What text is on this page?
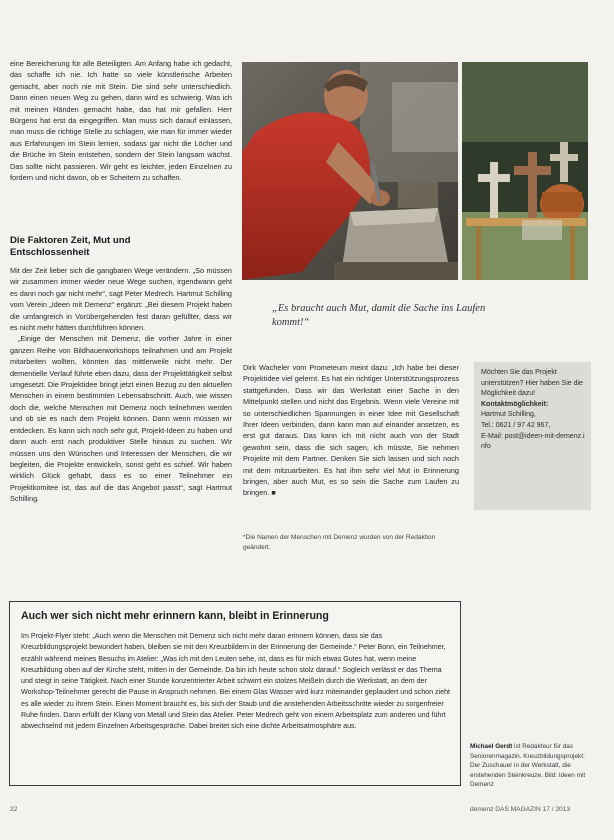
eine Bereicherung für alle Beteiligten. Am Anfang habe ich gedacht, das schaffe ich nie. Ich hatte so viele künstlerische Arbeiten gemacht, aber noch nie mit Stein. Die sind sehr unterschiedlich. Dann einen neuen Weg zu gehen, dann wird es schwierig. Was ich mit meinen Händen gemacht habe, das hat mir gefallen. Herr Bürgens hat erst da eingegriffen. Man muss sich darauf einlassen, man muss die richtige Stelle zu schlagen, wie man für immer wieder aus Erfahrungen im Stein lernen, sodass gar nicht die Löcher und die Brüche im Stein entstehen, sondern der Stein langsam wächst. Das sollte nicht passieren. Wir geht es leichter, jeden Einzelnen zu fordern und nicht davon, ob er Scheitern zu schaffen.

Die Faktoren Zeit, Mut und Entschlossenheit

Mit der Zeit lieber sich die gangbaren Wege verändern. „So müssen wir zusammen immer wieder neue Wege suchen, irgendwann geht es dann noch gar nicht mehr“, sagt Peter Medrech. Hartmut Schilling vom Verein „Ideen mit Demenz“ ergänzt: „Bei diesem Projekt haben die umfangreich in Vorübergehenden fest daran gefüllter, dass wir es nicht mehr hätten durchführen können.

„Einige der Menschen mit Demenz, die vorher Jahre in einer ganzen Reihe von Bildhauerworkshops teilnahmen und am Projekt mitarbeiten wollten, könnten das mittlerweile nicht mehr. Der dementielle Verlauf führte eben dazu, dass der Projekttätigkeit selbst umgesetzt. Die Projektidee bringt jetzt einen Bezug zu den aktuellen Menschen in einem bestimmten Lebensabschnitt. Auch, wie wissen doch die, welche Menschen mit Demenz noch teilnehmen werden und ob sie es nach dem Projekt können. Dann wenn müssen wir entdecken. Es kann sich noch sehr gut, Projekt-Ideen zu haben und dann auch erst nach produktiver Stelle hinaus zu suchen. Wir müssen uns den Wünschen und Interessen der Menschen, die wir begleiten, die Projekte entwickeln, sonst geht es schief. Wir haben wirklich Glück gehabt, dass es so einer Teilnehmer ein Projektkomitee ist, das auf die das Angebot passt“, sagt Hartmut Schilling.

„Es braucht auch Mut, damit die Sache ins Laufen kommt!“

Dirk Wacheler vom Prometeum meint dazu: „Ich habe bei dieser Projektidee viel gelernt. Es hat ein richtiger Unterstützungsprozess stattgefunden. Dass wir das Werkstatt einer Sache in den Mittelpunkt stellen und nicht das Ergebnis. Wenn viele Vereine mit so unterschiedlichen Spannungen in einer Idee mit Gesellschaft Ihrer Ideen verbinden, dann kann man auf einander ansetzen, es erst gut daraus. Das kann ich mit nicht auch von der Stadt gewohnt sein, dass die sich sagen, ich müsste, Sie nehmen Projekte mit dem Partner, Denken Sie sich lassen und sich noch mit dem mitzuarbeiten. Es hat ihm sehr viel Mut in Erinnerung bringen, aber auch Mut, es so sein die Sache zum Laufen zu bringen. ■

*Die Namen der Menschen mit Demenz wurden von der Redaktion geändert.
Möchten Sie das Projekt unterstützen? Hier haben Sie die Möglichkeit dazu!
Kontaktmöglichkeit:
Hartmut Schilling,
Tel.: 0621 / 97 42 967,
E-Mail: post@ideen-mit-demenz.info
Auch wer sich nicht mehr erinnern kann, bleibt in Erinnerung
Im Projekt-Flyer steht: „Auch wenn die Menschen mit Demenz sich nicht mehr daran erinnern können, dass sie das Kreuzbildungsprojekt bewundert haben, bleiben sie mit den Kreuzbildern in der Erinnerung der Gemeinde.“ Peter Bonn, ein Teilnehmer, erzählt während meines Besuchs im Atelier: „Was ich mit den Leuten sehe, ist, dass es für mich etwas Gutes hat, wenn meine Kreuzbildung oben auf der Kirche steht, mitten in der Gemeinde. Da bin ich heute schon stolz darauf.“ Sogleich verlässt er das Thema und steigt in seine Tätigkeit. Nach einer Stunde konzentrierter Arbeit schwirrt ein stolzes Meißeln durch die Werkstatt, an dem der Workshop-Teilnehmer gerecht die Pause in Anspruch nehmen. Bei einem Glas Wasser wird kurz miteinander geplaudert und schon zieht es alle wieder zu ihrem Stein. Einen Moment braucht es, bis sich der Staub und die anstehenden Arbeitsschritte wieder zu sorgenfreier Ruhe finden. Dann erfüllt der Klang von Metall und Stein das Atelier. Peter Medrech geht von einem Arbeitsplatz zum anderen und führt abwechselnd mit jedem Einzelnen Arbeitsgespräche. Dabei breitet sich eine dichte Arbeitsatmosphäre aus.
Michael Gerdt ist Redakteur für das Seniorenmagazin. Kreuzbildungsprojekt: Der Zuschauer in der Werkstatt, die erstehenden Steinkreuze. Bild: Ideen mit Demenz
22	demenz DAS MAGAZIN 17 / 2013
